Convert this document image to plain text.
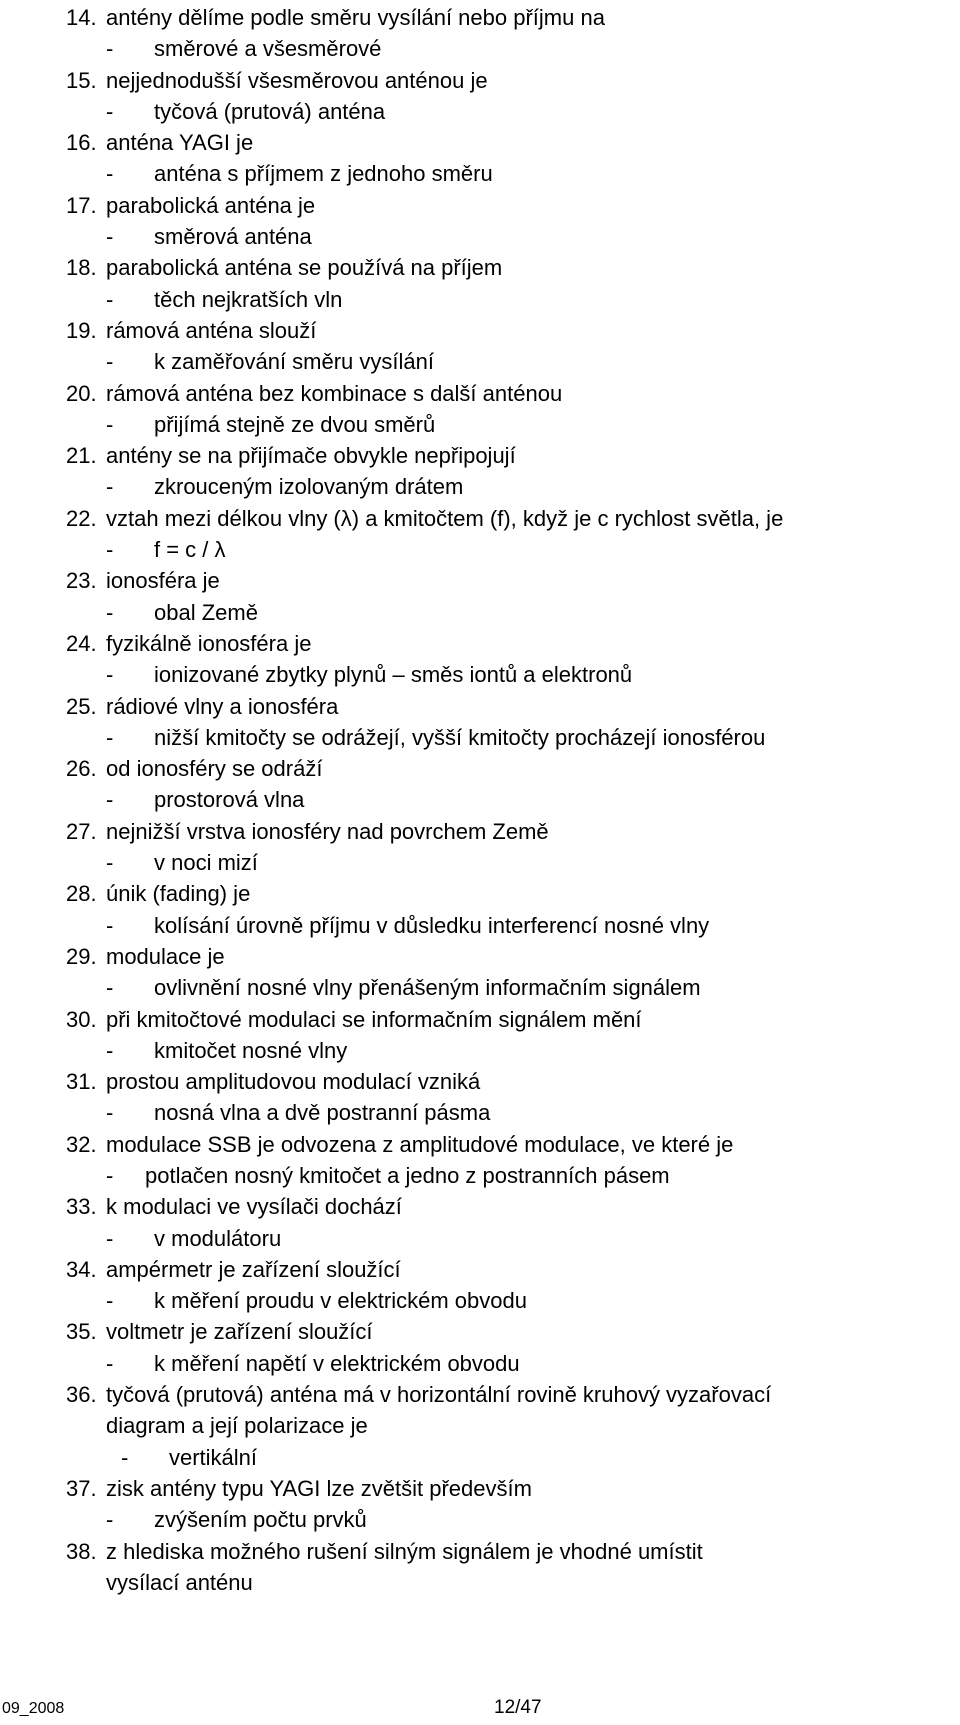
14. antény dělíme podle směru vysílání nebo příjmu na
- směrové a všesměrové
15. nejjednodušší všesměrovou anténou je
- tyčová (prutová) anténa
16. anténa YAGI je
- anténa s příjmem z jednoho směru
17. parabolická anténa je
- směrová anténa
18. parabolická anténa se používá na příjem
- těch nejkratších vln
19. rámová anténa slouží
- k zaměřování směru vysílání
20. rámová anténa bez kombinace s další anténou
- přijímá stejně ze dvou směrů
21. antény se na přijímače obvykle nepřipojují
- zkrouceným izolovaným drátem
22. vztah mezi délkou vlny (λ) a kmitočtem (f), když je c rychlost světla, je
- f = c / λ
23. ionosféra je
- obal Země
24. fyzikálně ionosféra je
- ionizované zbytky plynů – směs iontů a elektronů
25. rádiové vlny a ionosféra
- nižší kmitočty se odrážejí, vyšší kmitočty procházejí ionosférou
26. od ionosféry se odráží
- prostorová vlna
27. nejnižší vrstva ionosféry nad povrchem Země
- v noci mizí
28. únik (fading) je
- kolísání úrovně příjmu v důsledku interferencí nosné vlny
29. modulace je
- ovlivnění nosné vlny přenášeným informačním signálem
30. při kmitočtové modulaci se informačním signálem mění
- kmitočet nosné vlny
31. prostou amplitudovou modulací vzniká
- nosná vlna a dvě postranní pásma
32. modulace SSB je odvozena z amplitudové modulace, ve které je
- potlačen nosný kmitočet a jedno z postranních pásem
33. k modulaci ve vysílači dochází
- v modulátoru
34. ampérmetr je zařízení sloužící
- k měření proudu v elektrickém obvodu
35. voltmetr je zařízení sloužící
- k měření napětí v elektrickém obvodu
36. tyčová (prutová) anténa má v horizontální rovině kruhový vyzařovací
diagram a její polarizace je
- vertikální
37. zisk antény typu YAGI lze zvětšit především
- zvýšením počtu prvků
38. z hlediska možného rušení silným signálem je vhodné umístit
vysílací anténu
09_2008	12/47
